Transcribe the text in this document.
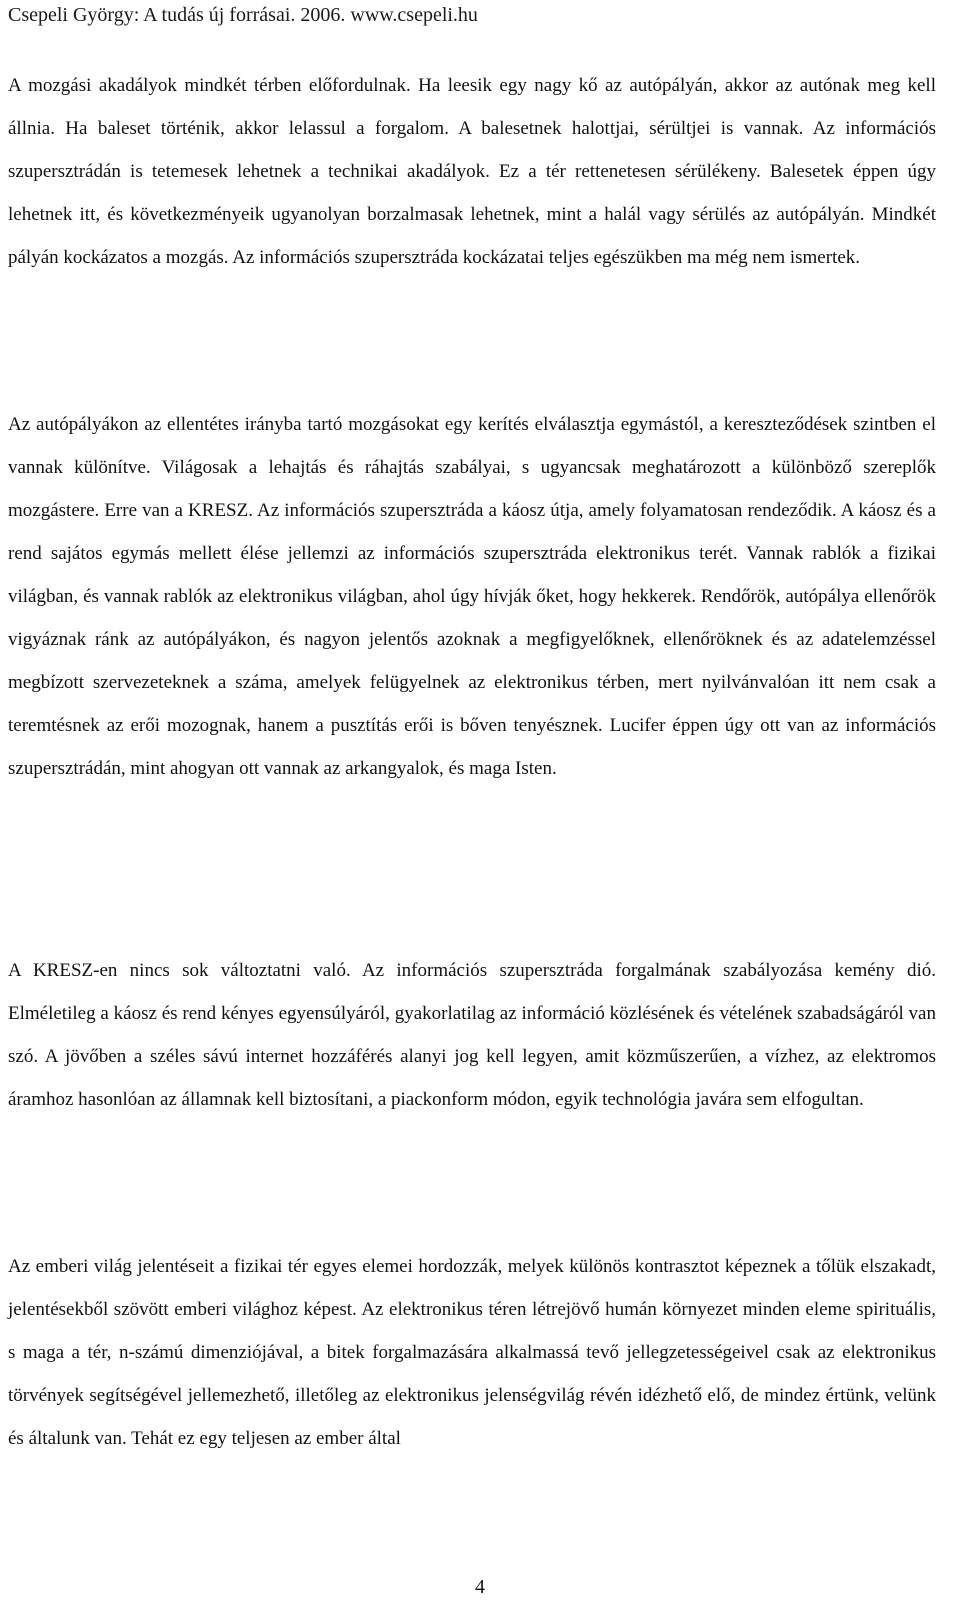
Csepeli György: A tudás új forrásai. 2006. www.csepeli.hu

A mozgási akadályok mindkét térben előfordulnak. Ha leesik egy nagy kő az autópályán, akkor az autónak meg kell állnia. Ha baleset történik, akkor lelassul a forgalom. A balesetnek halottjai, sérültjei is vannak. Az információs szupersztrádán is tetemesek lehetnek a technikai akadályok. Ez a tér rettenetesen sérülékeny. Balesetek éppen úgy lehetnek itt, és következményeik ugyanolyan borzalmasak lehetnek, mint a halál vagy sérülés az autópályán. Mindkét pályán kockázatos a mozgás. Az információs szupersztráda kockázatai teljes egészükben ma még nem ismertek.

Az autópályákon az ellentétes irányba tartó mozgásokat egy kerítés elválasztja egymástól, a kereszteződések szintben el vannak különítve. Világosak a lehajtás és ráhajtás szabályai, s ugyancsak meghatározott a különböző szereplők mozgástere. Erre van a KRESZ. Az információs szupersztráda a káosz útja, amely folyamatosan rendeződik. A káosz és a rend sajátos egymás mellett élése jellemzi az információs szupersztráda elektronikus terét. Vannak rablók a fizikai világban, és vannak rablók az elektronikus világban, ahol úgy hívják őket, hogy hekkerek. Rendőrök, autópálya ellenőrök vigyáznak ránk az autópályákon, és nagyon jelentős azoknak a megfigyelőknek, ellenőröknek és az adatelemzéssel megbízott szervezeteknek a száma, amelyek felügyelnek az elektronikus térben, mert nyilvánvalóan itt nem csak a teremtésnek az erői mozognak, hanem a pusztítás erői is bőven tenyésznek. Lucifer éppen úgy ott van az információs szupersztrádán, mint ahogyan ott vannak az arkangyalok, és maga Isten.

A KRESZ-en nincs sok változtatni való. Az információs szupersztráda forgalmának szabályozása kemény dió. Elméletileg a káosz és rend kényes egyensúlyáról, gyakorlatilag az információ közlésének és vételének szabadságáról van szó. A jövőben a széles sávú internet hozzáférés alanyi jog kell legyen, amit közműszerűen, a vízhez, az elektromos áramhoz hasonlóan az államnak kell biztosítani, a piackonform módon, egyik technológia javára sem elfogultan.

Az emberi világ jelentéseit a fizikai tér egyes elemei hordozzák, melyek különös kontrasztot képeznek a tőlük elszakadt, jelentésekből szövött emberi világhoz képest. Az elektronikus téren létrejövő humán környezet minden eleme spirituális, s maga a tér, n-számú dimenziójával, a bitek forgalmazására alkalmassá tevő jellegzetességeivel csak az elektronikus törvények segítségével jellemezhető, illetőleg az elektronikus jelenségvilág révén idézhető elő, de mindez értünk, velünk és általunk van. Tehát ez egy teljesen az ember által

4
